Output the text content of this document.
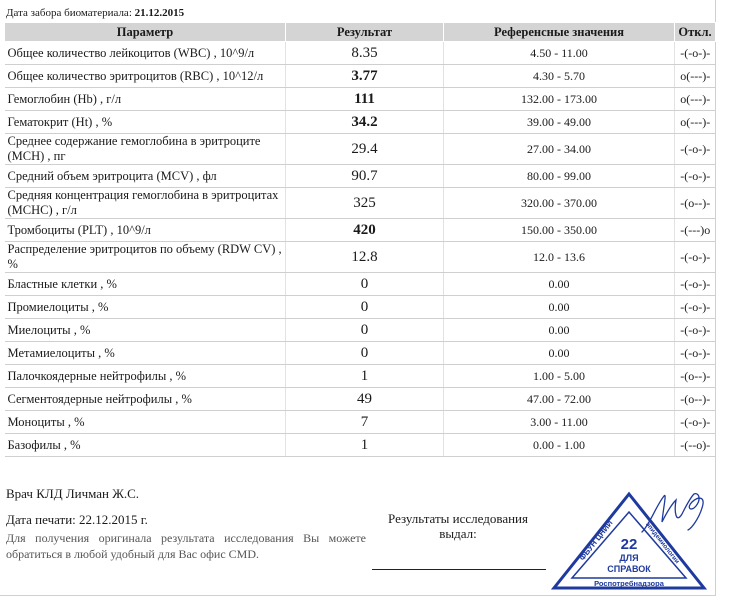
Дата забора биоматериала: 21.12.2015
Параметр	Результат	Референсные значения	Откл.
Общее количество лейкоцитов (WBC) , 10^9/л	8.35	4.50 - 11.00	-(-o-)-
Общее количество эритроцитов (RBC) , 10^12/л	3.77	4.30 - 5.70	o(---)-
Гемоглобин (Hb) , г/л	111	132.00 - 173.00	o(---)-
Гематокрит (Ht) , %	34.2	39.00 - 49.00	o(---)-
Среднее содержание гемоглобина в эритроците (MCH) , пг	29.4	27.00 - 34.00	-(-o-)-
Средний объем эритроцита (MCV) , фл	90.7	80.00 - 99.00	-(-o-)-
Средняя концентрация гемоглобина в эритроцитах (MCHC) , г/л	325	320.00 - 370.00	-(o--)-
Тромбоциты (PLT) , 10^9/л	420	150.00 - 350.00	-(---)o
Распределение эритроцитов по объему (RDW CV) , %	12.8	12.0 - 13.6	-(-o-)-
Бластные клетки , %	0	0.00	-(-o-)-
Промиелоциты , %	0	0.00	-(-o-)-
Миелоциты , %	0	0.00	-(-o-)-
Метамиелоциты , %	0	0.00	-(-o-)-
Палочкоядерные нейтрофилы , %	1	1.00 - 5.00	-(o--)-
Сегментоядерные нейтрофилы , %	49	47.00 - 72.00	-(o--)-
Моноциты , %	7	3.00 - 11.00	-(-o-)-
Базофилы , %	1	0.00 - 1.00	-(--o)-
Врач КЛД Личман Ж.С.
Дата печати: 22.12.2015 г.
Для получения оригинала результата исследования Вы можете обратиться в любой удобный для Вас офис CMD.
Результаты исследования выдал:
22
ДЛЯ
СПРАВОК
Роспотребнадзора
ФБУН ЦНИИ	эпидемиологии
